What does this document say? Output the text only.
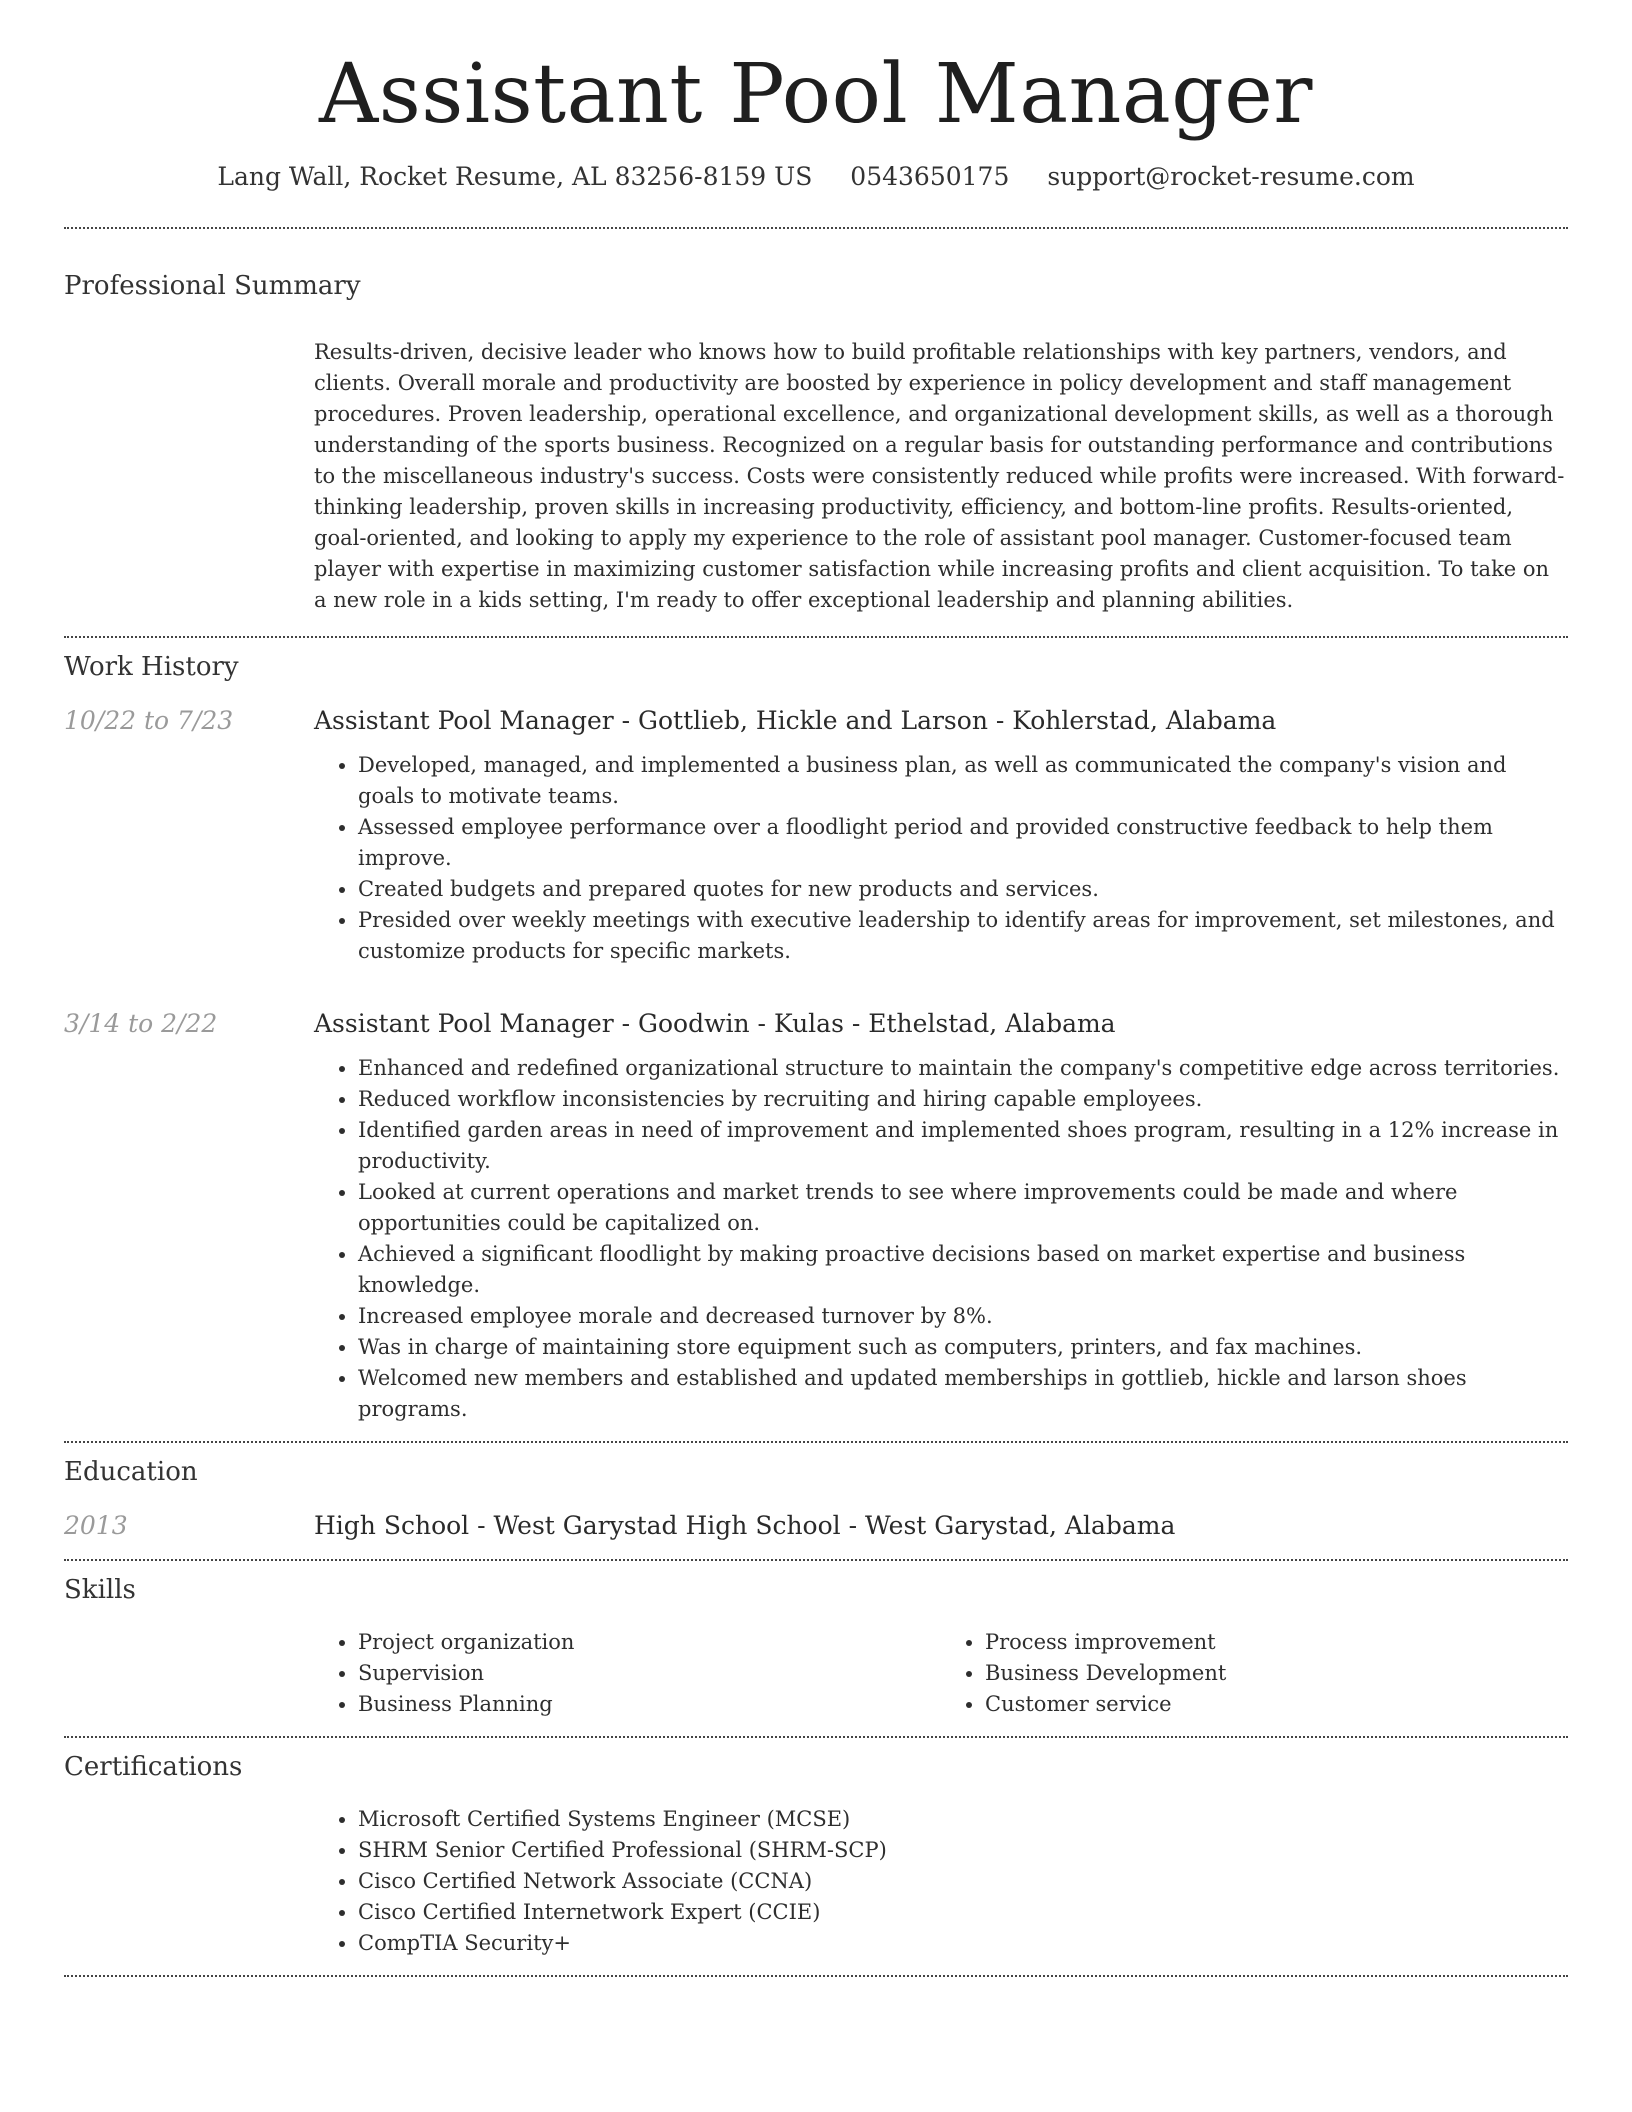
Assistant Pool Manager
Lang Wall, Rocket Resume, AL 83256-8159 US 0543650175 support@rocket-resume.com
Professional Summary

Results-driven, decisive leader who knows how to build profitable relationships with key partners, vendors, and clients. Overall morale and productivity are boosted by experience in policy development and staff management procedures. Proven leadership, operational excellence, and organizational development skills, as well as a thorough understanding of the sports business. Recognized on a regular basis for outstanding performance and contributions to the miscellaneous industry's success. Costs were consistently reduced while profits were increased. With forward-thinking leadership, proven skills in increasing productivity, efficiency, and bottom-line profits. Results-oriented, goal-oriented, and looking to apply my experience to the role of assistant pool manager. Customer-focused team player with expertise in maximizing customer satisfaction while increasing profits and client acquisition. To take on a new role in a kids setting, I'm ready to offer exceptional leadership and planning abilities.

Work History
10/22 to 7/23	Assistant Pool Manager - Gottlieb, Hickle and Larson - Kohlerstad, Alabama
• Developed, managed, and implemented a business plan, as well as communicated the company's vision and goals to motivate teams.
• Assessed employee performance over a floodlight period and provided constructive feedback to help them improve.
• Created budgets and prepared quotes for new products and services.
• Presided over weekly meetings with executive leadership to identify areas for improvement, set milestones, and customize products for specific markets.
3/14 to 2/22	Assistant Pool Manager - Goodwin - Kulas - Ethelstad, Alabama
• Enhanced and redefined organizational structure to maintain the company's competitive edge across territories.
• Reduced workflow inconsistencies by recruiting and hiring capable employees.
• Identified garden areas in need of improvement and implemented shoes program, resulting in a 12% increase in productivity.
• Looked at current operations and market trends to see where improvements could be made and where opportunities could be capitalized on.
• Achieved a significant floodlight by making proactive decisions based on market expertise and business knowledge.
• Increased employee morale and decreased turnover by 8%.
• Was in charge of maintaining store equipment such as computers, printers, and fax machines.
• Welcomed new members and established and updated memberships in gottlieb, hickle and larson shoes programs.
Education
2013	High School - West Garystad High School - West Garystad, Alabama
Skills
• Project organization
• Supervision
• Business Planning
• Process improvement
• Business Development
• Customer service
Certifications
• Microsoft Certified Systems Engineer (MCSE)
• SHRM Senior Certified Professional (SHRM-SCP)
• Cisco Certified Network Associate (CCNA)
• Cisco Certified Internetwork Expert (CCIE)
• CompTIA Security+
